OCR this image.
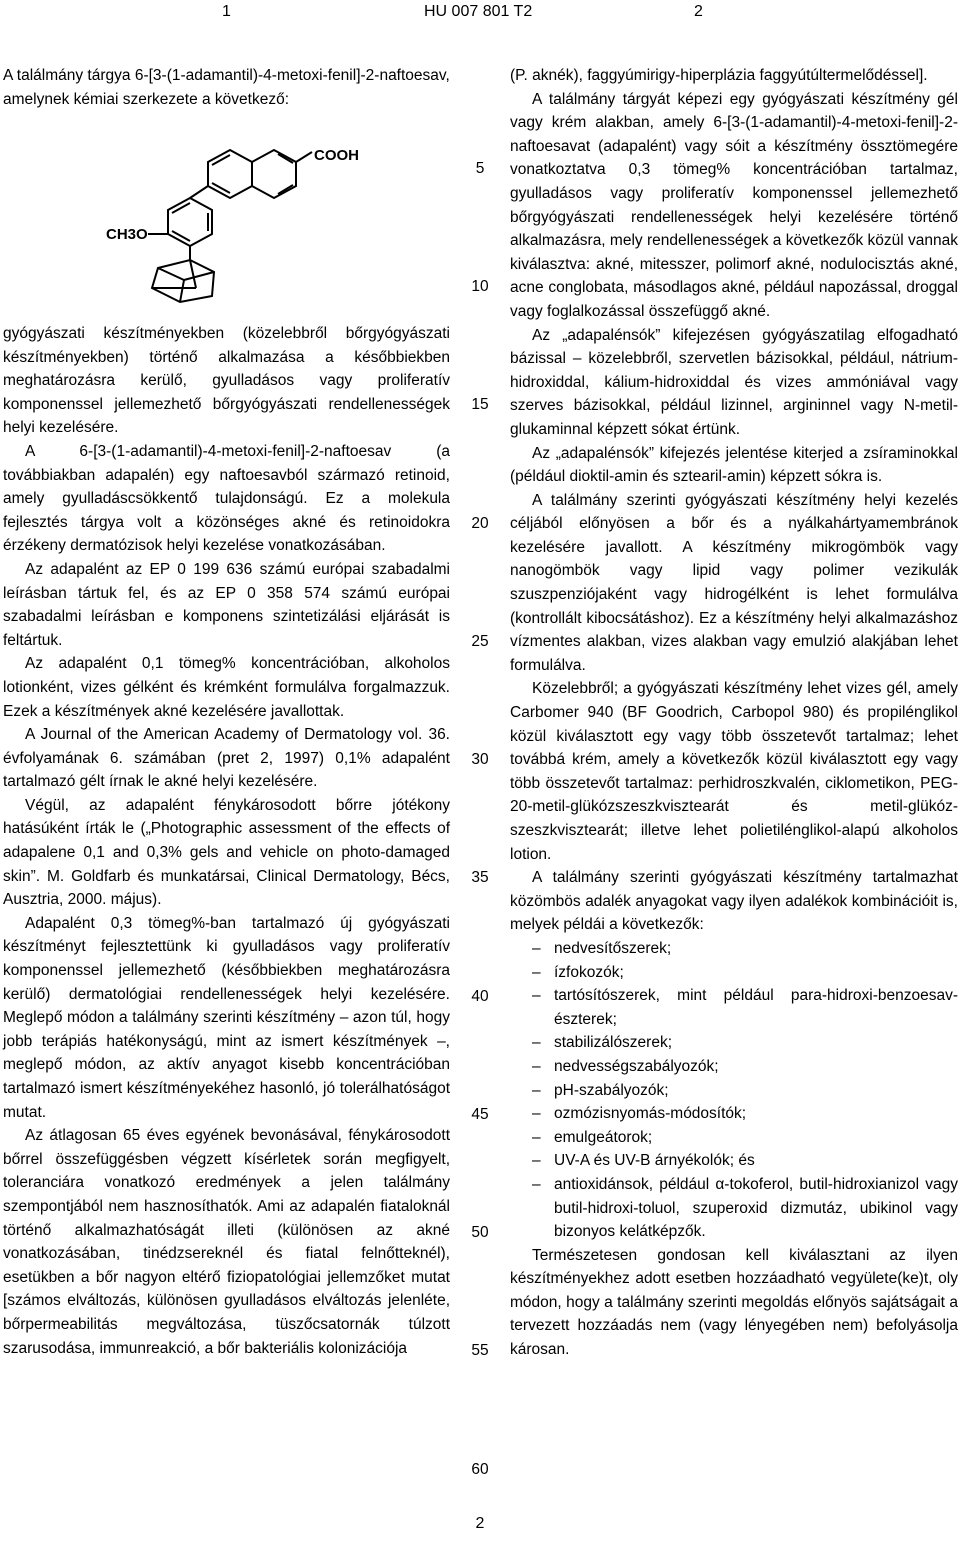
1	HU 007 801 T2	2

A találmány tárgya 6-[3-(1-adamantil)-4-metoxi-fenil]-2-naftoesav, amelynek kémiai szerkezete a következő:

COOH
CH3O

gyógyászati készítményekben (közelebbről bőrgyógyászati készítményekben) történő alkalmazása a későbbiekben meghatározásra kerülő, gyulladásos vagy proliferatív komponenssel jellemezhető bőrgyógyászati rendellenességek helyi kezelésére.

A 6-[3-(1-adamantil)-4-metoxi-fenil]-2-naftoesav (a továbbiakban adapalén) egy naftoesavból származó retinoid, amely gyulladáscsökkentő tulajdonságú. Ez a molekula fejlesztés tárgya volt a közönséges akné és retinoidokra érzékeny dermatózisok helyi kezelése vonatkozásában.

Az adapalént az EP 0 199 636 számú európai szabadalmi leírásban tártuk fel, és az EP 0 358 574 számú európai szabadalmi leírásban e komponens szintetizálási eljárását is feltártuk.

Az adapalént 0,1 tömeg% koncentrációban, alkoholos lotionként, vizes gélként és krémként formulálva forgalmazzuk. Ezek a készítmények akné kezelésére javallottak.

A Journal of the American Academy of Dermatology vol. 36. évfolyamának 6. számában (pret 2, 1997) 0,1% adapalént tartalmazó gélt írnak le akné helyi kezelésére.

Végül, az adapalént fénykárosodott bőrre jótékony hatásúként írták le („Photographic assessment of the effects of adapalene 0,1 and 0,3% gels and vehicle on photo-damaged skin”. M. Goldfarb és munkatársai, Clinical Dermatology, Bécs, Ausztria, 2000. május).

Adapalént 0,3 tömeg%-ban tartalmazó új gyógyászati készítményt fejlesztettünk ki gyulladásos vagy proliferatív komponenssel jellemezhető (későbbiekben meghatározásra kerülő) dermatológiai rendellenességek helyi kezelésére. Meglepő módon a találmány szerinti készítmény – azon túl, hogy jobb terápiás hatékonyságú, mint az ismert készítmények –, meglepő módon, az aktív anyagot kisebb koncentrációban tartalmazó ismert készítményekéhez hasonló, jó tolerálhatóságot mutat.

Az átlagosan 65 éves egyének bevonásával, fénykárosodott bőrrel összefüggésben végzett kísérletek során megfigyelt, toleranciára vonatkozó eredmények a jelen találmány szempontjából nem hasznosíthatók. Ami az adapalén fiataloknál történő alkalmazhatóságát illeti (különösen az akné vonatkozásában, tinédzsereknél és fiatal felnőtteknél), esetükben a bőr nagyon eltérő fiziopatológiai jellemzőket mutat [számos elváltozás, különösen gyulladásos elváltozás jelenléte, bőrpermeabilitás megváltozása, tüszőcsatornák túlzott szarusodása, immunreakció, a bőr bakteriális kolonizációja

5
10
15
20
25
30
35
40
45
50
55
60

(P. aknék), faggyúmirigy-hiperplázia faggyútúltermelődéssel].

A találmány tárgyát képezi egy gyógyászati készítmény gél vagy krém alakban, amely 6-[3-(1-adamantil)-4-metoxi-fenil]-2-naftoesavat (adapalént) vagy sóit a készítmény össztömegére vonatkoztatva 0,3 tömeg% koncentrációban tartalmaz, gyulladásos vagy proliferatív komponenssel jellemezhető bőrgyógyászati rendellenességek helyi kezelésére történő alkalmazásra, mely rendellenességek a következők közül vannak kiválasztva: akné, mitesszer, polimorf akné, nodulocisztás akné, acne conglobata, másodlagos akné, például napozással, droggal vagy foglalkozással összefüggő akné.

Az „adapalénsók” kifejezésen gyógyászatilag elfogadható bázissal – közelebbről, szervetlen bázisokkal, például, nátrium-hidroxiddal, kálium-hidroxiddal és vizes ammóniával vagy szerves bázisokkal, például lizinnel, argininnel vagy N-metil-glukaminnal képzett sókat értünk.

Az „adapalénsók” kifejezés jelentése kiterjed a zsíraminokkal (például dioktil-amin és sztearil-amin) képzett sókra is.

A találmány szerinti gyógyászati készítmény helyi kezelés céljából előnyösen a bőr és a nyálkahártyamembránok kezelésére javallott. A készítmény mikrogömbök vagy nanogömbök vagy lipid vagy polimer vezikulák szuszpenziójaként vagy hidrogélként is lehet formulálva (kontrollált kibocsátáshoz). Ez a készítmény helyi alkalmazáshoz vízmentes alakban, vizes alakban vagy emulzió alakjában lehet formulálva.

Közelebbről; a gyógyászati készítmény lehet vizes gél, amely Carbomer 940 (BF Goodrich, Carbopol 980) és propilénglikol közül kiválasztott egy vagy több összetevőt tartalmaz; lehet továbbá krém, amely a következők közül kiválasztott egy vagy több összetevőt tartalmaz: perhidroszkvalén, ciklometikon, PEG-20-metil-glükózszeszkvisztearát és metil-glükóz-szeszkvisztearát; illetve lehet polietilénglikol-alapú alkoholos lotion.

A találmány szerinti gyógyászati készítmény tartalmazhat közömbös adalék anyagokat vagy ilyen adalékok kombinációit is, melyek példái a következők:

– nedvesítőszerek;
– ízfokozók;
– tartósítószerek, mint például para-hidroxi-benzoesav-észterek;
– stabilizálószerek;
– nedvességszabályozók;
– pH-szabályozók;
– ozmózisnyomás-módosítók;
– emulgeátorok;
– UV-A és UV-B árnyékolók; és
– antioxidánsok, például α-tokoferol, butil-hidroxianizol vagy butil-hidroxi-toluol, szuperoxid dizmutáz, ubikinol vagy bizonyos kelátképzők.

Természetesen gondosan kell kiválasztani az ilyen készítményekhez adott esetben hozzáadható vegyülete(ke)t, oly módon, hogy a találmány szerinti megoldás előnyös sajátságait a tervezett hozzáadás nem (vagy lényegében nem) befolyásolja károsan.

2
